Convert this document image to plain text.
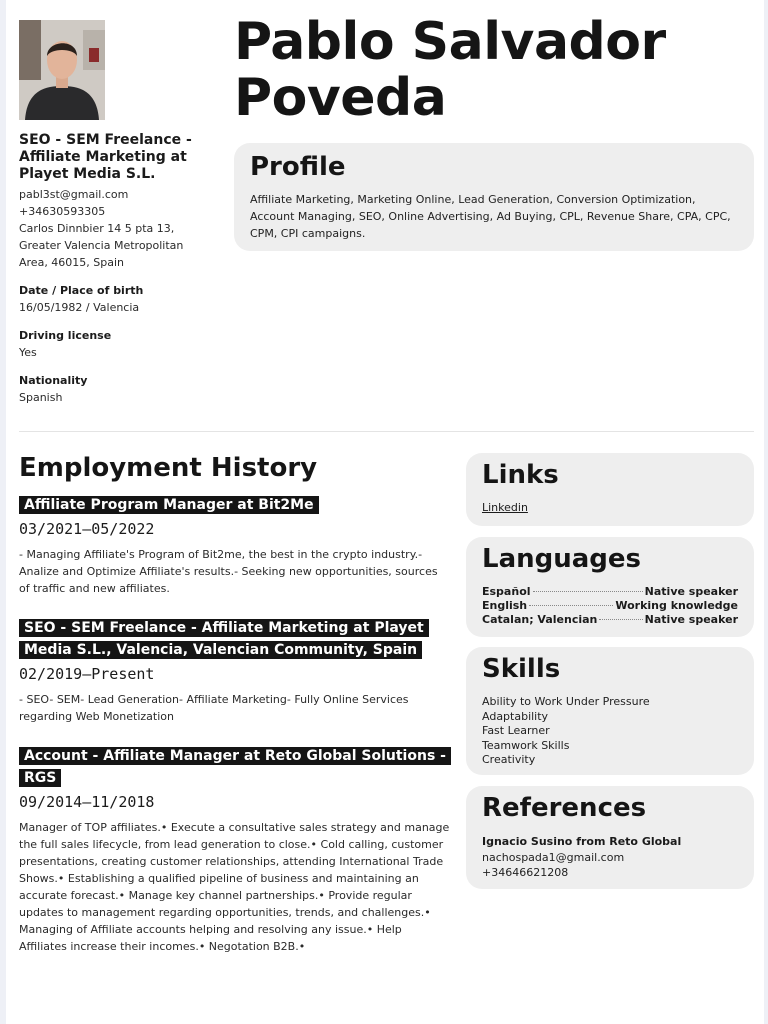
Pablo Salvador Poveda
SEO - SEM Freelance - Affiliate Marketing at Playet Media S.L.
pabl3st@gmail.com
+34630593305
Carlos Dinnbier 14 5 pta 13,
Greater Valencia Metropolitan
Area, 46015, Spain
Date / Place of birth
16/05/1982 / Valencia
Driving license
Yes
Nationality
Spanish
Profile
Affiliate Marketing, Marketing Online, Lead Generation, Conversion Optimization, Account Managing, SEO, Online Advertising, Ad Buying, CPL, Revenue Share, CPA, CPC, CPM, CPI campaigns.
Employment History
Affiliate Program Manager at Bit2Me
03/2021—05/2022
- Managing Affiliate's Program of Bit2me, the best in the crypto industry.- Analize and Optimize Affiliate's results.- Seeking new opportunities, sources of traffic and new affiliates.
SEO - SEM Freelance - Affiliate Marketing at Playet Media S.L., Valencia, Valencian Community, Spain
02/2019—Present
- SEO- SEM- Lead Generation- Affiliate Marketing- Fully Online Services regarding Web Monetization
Account - Affiliate Manager at Reto Global Solutions - RGS
09/2014—11/2018
Manager of TOP affiliates.• Execute a consultative sales strategy and manage the full sales lifecycle, from lead generation to close.• Cold calling, customer presentations, creating customer relationships, attending International Trade Shows.• Establishing a qualified pipeline of business and maintaining an accurate forecast.• Manage key channel partnerships.• Provide regular updates to management regarding opportunities, trends, and challenges.• Managing of Affiliate accounts helping and resolving any issue.• Help Affiliates increase their incomes.• Negotation B2B.•
Links
Linkedin
Languages
Español	Native speaker
English	Working knowledge
Catalan; Valencian	Native speaker
Skills
Ability to Work Under Pressure
Adaptability
Fast Learner
Teamwork Skills
Creativity
References
Ignacio Susino from Reto Global
nachospada1@gmail.com
+34646621208
